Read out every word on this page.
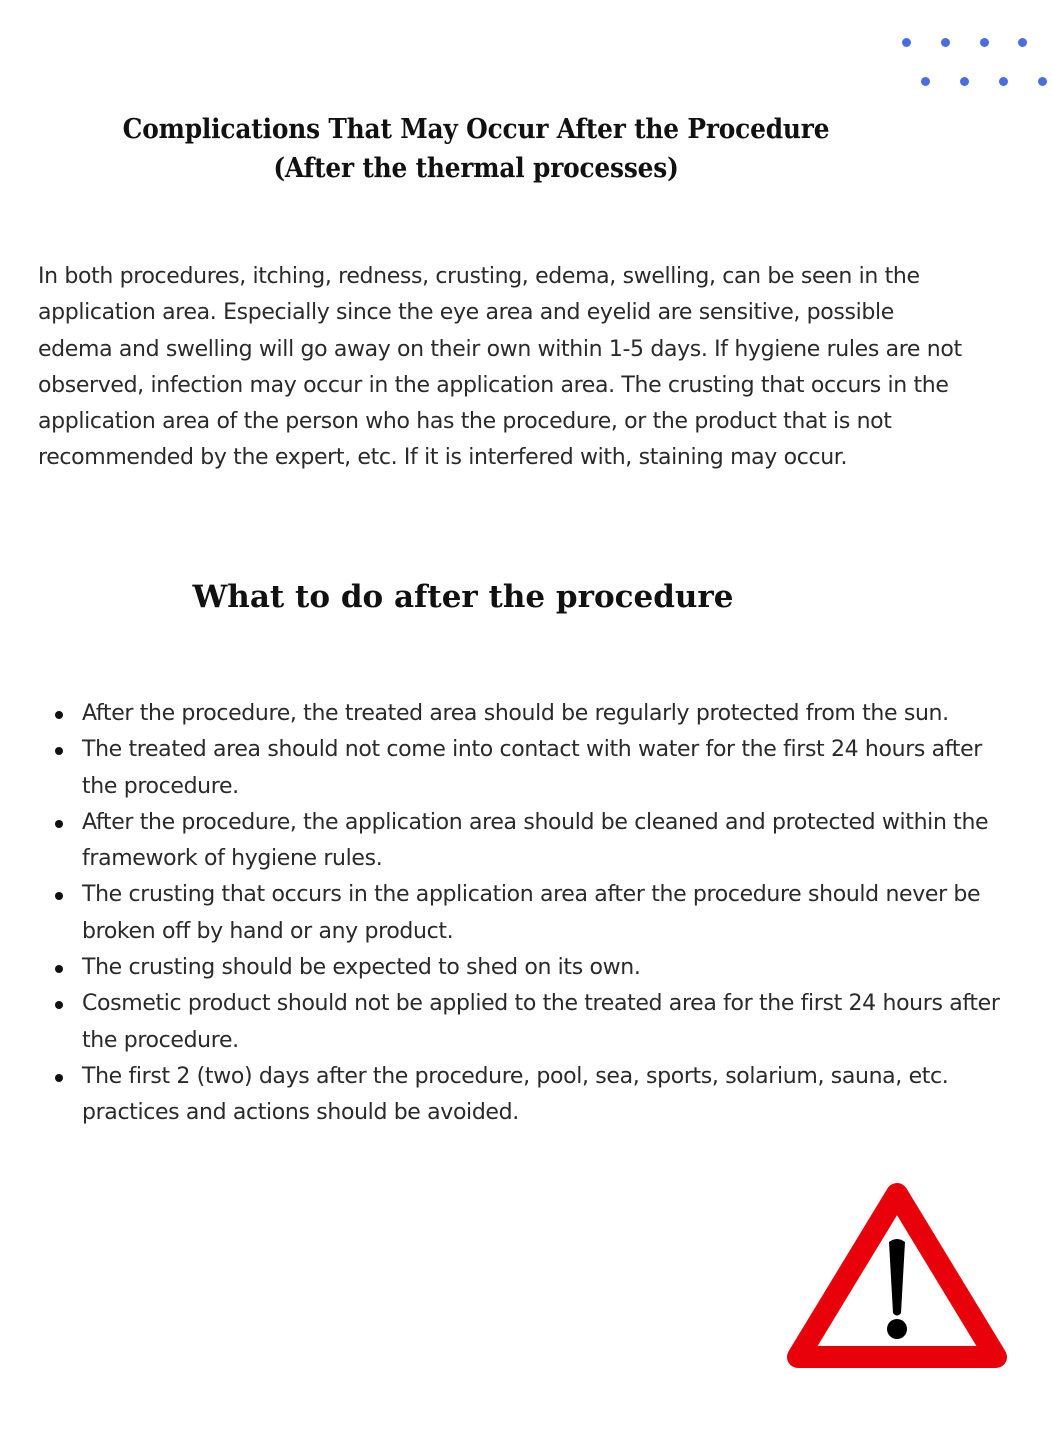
Complications That May Occur After the Procedure
(After the thermal processes)

In both procedures, itching, redness, crusting, edema, swelling, can be seen in the application area. Especially since the eye area and eyelid are sensitive, possible edema and swelling will go away on their own within 1-5 days. If hygiene rules are not observed, infection may occur in the application area. The crusting that occurs in the application area of the person who has the procedure, or the product that is not recommended by the expert, etc. If it is interfered with, staining may occur.

What to do after the procedure
After the procedure, the treated area should be regularly protected from the sun.
The treated area should not come into contact with water for the first 24 hours after the procedure.
After the procedure, the application area should be cleaned and protected within the framework of hygiene rules.
The crusting that occurs in the application area after the procedure should never be broken off by hand or any product.
The crusting should be expected to shed on its own.
Cosmetic product should not be applied to the treated area for the first 24 hours after the procedure.
The first 2 (two) days after the procedure, pool, sea, sports, solarium, sauna, etc. practices and actions should be avoided.
